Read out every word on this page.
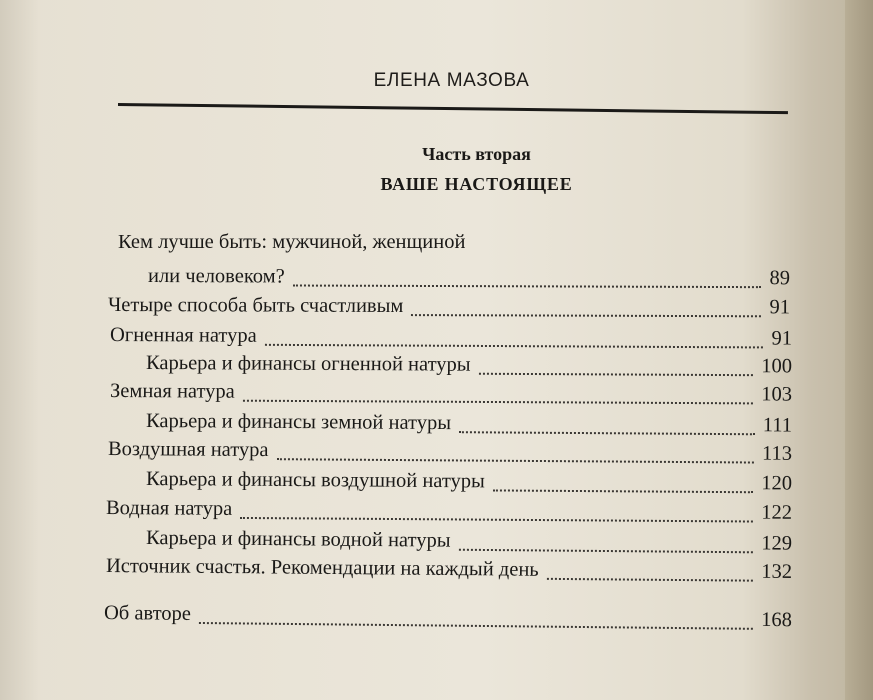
ЕЛЕНА МАЗОВА
Часть вторая
ВАШЕ НАСТОЯЩЕЕ
Кем лучше быть: мужчиной, женщиной
или человеком?	89
Четыре способа быть счастливым	91
Огненная натура	91
Карьера и финансы огненной натуры	100
Земная натура	103
Карьера и финансы земной натуры	111
Воздушная натура	113
Карьера и финансы воздушной натуры	120
Водная натура	122
Карьера и финансы водной натуры	129
Источник счастья. Рекомендации на каждый день	132
Об авторе	168
